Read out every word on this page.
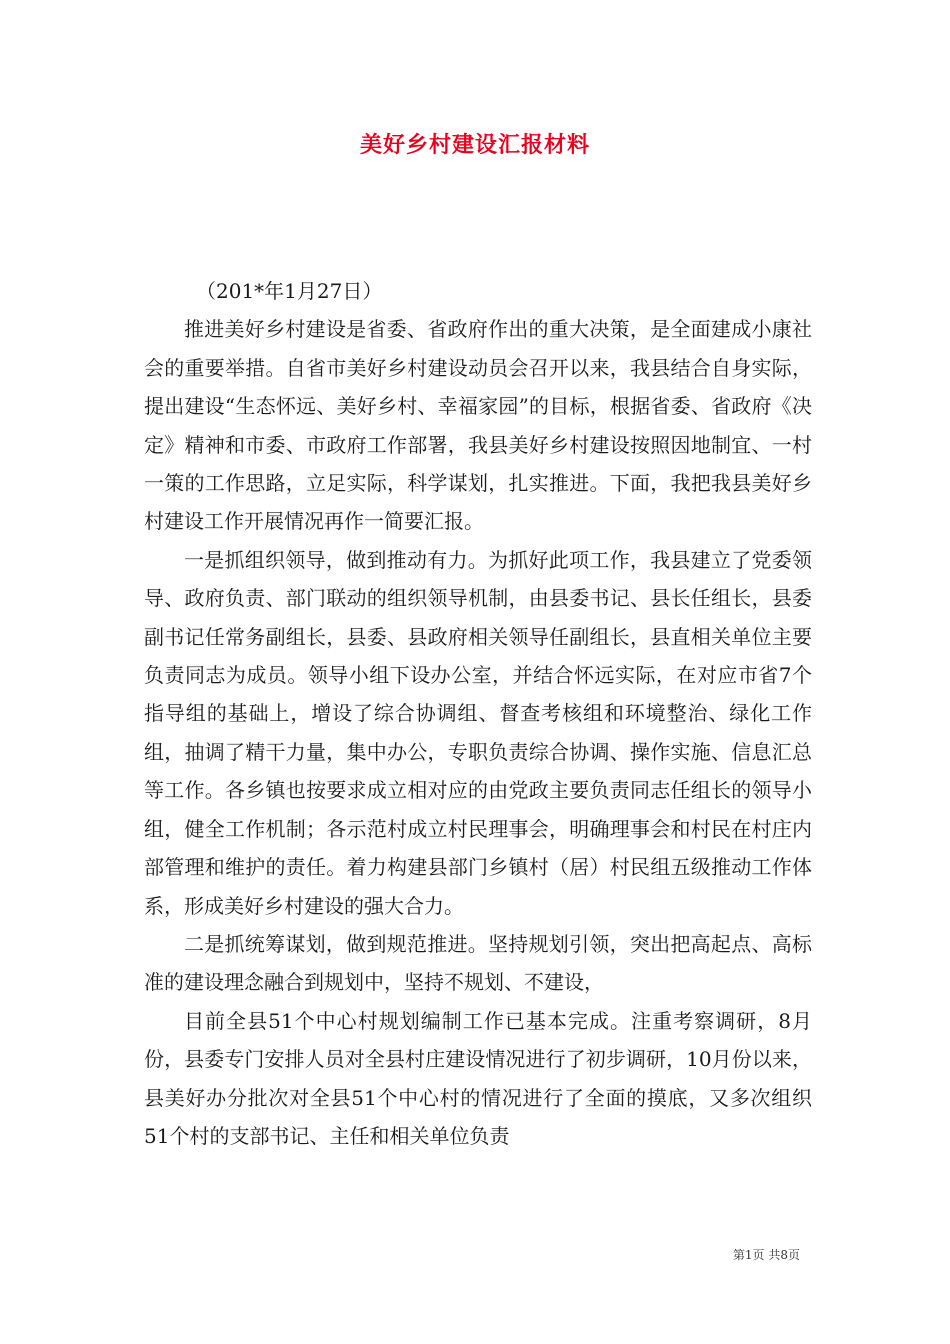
美好乡村建设汇报材料

（201*年1月27日）

推进美好乡村建设是省委、省政府作出的重大决策，是全面建成小康社会的重要举措。自省市美好乡村建设动员会召开以来，我县结合自身实际，提出建设“生态怀远、美好乡村、幸福家园”的目标，根据省委、省政府《决定》精神和市委、市政府工作部署，我县美好乡村建设按照因地制宜、一村一策的工作思路，立足实际，科学谋划，扎实推进。下面，我把我县美好乡村建设工作开展情况再作一简要汇报。

一是抓组织领导，做到推动有力。为抓好此项工作，我县建立了党委领导、政府负责、部门联动的组织领导机制，由县委书记、县长任组长，县委副书记任常务副组长，县委、县政府相关领导任副组长，县直相关单位主要负责同志为成员。领导小组下设办公室，并结合怀远实际，在对应市省7个指导组的基础上，增设了综合协调组、督查考核组和环境整治、绿化工作组，抽调了精干力量，集中办公，专职负责综合协调、操作实施、信息汇总等工作。各乡镇也按要求成立相对应的由党政主要负责同志任组长的领导小组，健全工作机制；各示范村成立村民理事会，明确理事会和村民在村庄内部管理和维护的责任。着力构建县部门乡镇村（居）村民组五级推动工作体系，形成美好乡村建设的强大合力。

二是抓统筹谋划，做到规范推进。坚持规划引领，突出把高起点、高标准的建设理念融合到规划中，坚持不规划、不建设，

目前全县51个中心村规划编制工作已基本完成。注重考察调研，8月份，县委专门安排人员对全县村庄建设情况进行了初步调研，10月份以来，县美好办分批次对全县51个中心村的情况进行了全面的摸底，又多次组织51个村的支部书记、主任和相关单位负责

第1页 共8页
